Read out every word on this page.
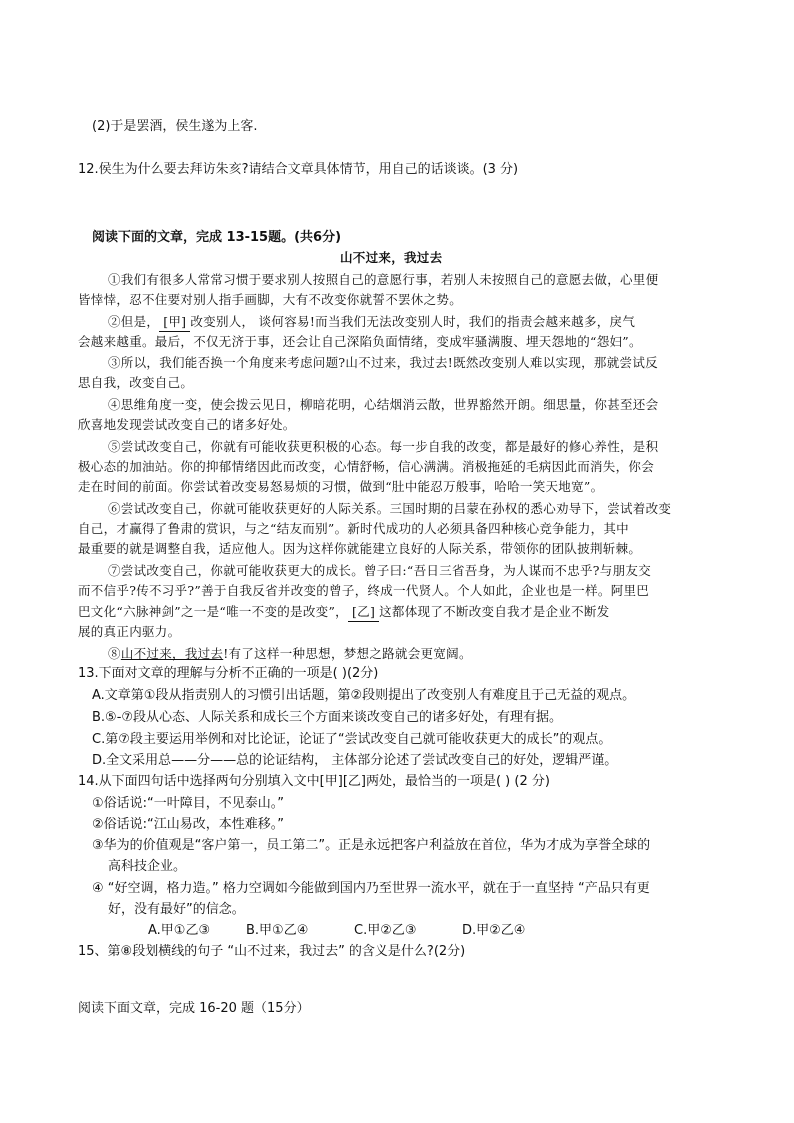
(2)于是罢酒，侯生遂为上客.
12.侯生为什么要去拜访朱亥?请结合文章具体情节，用自己的话谈谈。(3 分)
阅读下面的文章，完成 13-15题。(共6分)
山不过来，我过去
①我们有很多人常常习惯于要求别人按照自己的意愿行事，若别人未按照自己的意愿去做，心里便
皆悻悻，忍不住要对别人指手画脚，大有不改变你就誓不罢休之势。
②但是， [甲] 改变别人， 谈何容易!而当我们无法改变别人时，我们的指责会越来越多，戾气
会越来越重。最后，不仅无济于事，还会让自己深陷负面情绪，变成牢骚满腹、埋天怨地的“怨妇”。
③所以，我们能否换一个角度来考虑问题?山不过来，我过去!既然改变别人难以实现，那就尝试反
思自我，改变自己。
④思维角度一变，使会拨云见日，柳暗花明，心结烟消云散，世界豁然开朗。细思量，你甚至还会
欣喜地发现尝试改变自己的诸多好处。
⑤尝试改变自己，你就有可能收获更积极的心态。每一步自我的改变，都是最好的修心养性，是积
极心态的加油站。你的抑郁情绪因此而改变，心情舒畅，信心满满。消极拖延的毛病因此而消失，你会
走在时间的前面。你尝试着改变易怒易烦的习惯，做到“肚中能忍万般事，哈哈一笑天地宽”。
⑥尝试改变自己，你就可能收获更好的人际关系。三国时期的吕蒙在孙权的悉心劝导下，尝试着改变
自己，才赢得了鲁肃的赏识，与之“结友而别”。新时代成功的人必须具备四种核心竞争能力，其中
最重要的就是调整自我，适应他人。因为这样你就能建立良好的人际关系，带领你的团队披荆斩棘。
⑦尝试改变自己，你就可能收获更大的成长。曾子曰:“吾日三省吾身，为人谋而不忠乎?与朋友交
而不信乎?传不习乎?”善于自我反省并改变的曾子，终成一代贤人。个人如此，企业也是一样。阿里巴
巴文化“六脉神剑”之一是“唯一不变的是改变”， [乙] 这都体现了不断改变自我才是企业不断发
展的真正内驱力。
⑧山不过来，我过去!有了这样一种思想，梦想之路就会更宽阔。
13.下面对文章的理解与分析不正确的一项是( )(2分)
A.文章第①段从指责别人的习惯引出话题，第②段则提出了改变别人有难度且于己无益的观点。
B.⑤-⑦段从心态、人际关系和成长三个方面来谈改变自己的诸多好处，有理有据。
C.第⑦段主要运用举例和对比论证，论证了“尝试改变自己就可能收获更大的成长”的观点。
D.全文采用总——分——总的论证结构， 主体部分论述了尝试改变自己的好处，逻辑严谨。
14.从下面四句话中选择两句分别填入文中[甲][乙]两处，最恰当的一项是( ) (2 分)
①俗话说:“一叶障目，不见泰山。”
②俗话说:“江山易改，本性难移。”
③华为的价值观是“客户第一，员工第二”。正是永远把客户利益放在首位，华为才成为享誉全球的
高科技企业。
④ “好空调，格力造。” 格力空调如今能做到国内乃至世界一流水平，就在于一直坚持 “产品只有更
好，没有最好”的信念。
A.甲①乙③	B.甲①乙④	C.甲②乙③	D.甲②乙④
15、第⑧段划横线的句子 “山不过来，我过去” 的含义是什么?(2分)
阅读下面文章，完成 16-20 题（15分）
